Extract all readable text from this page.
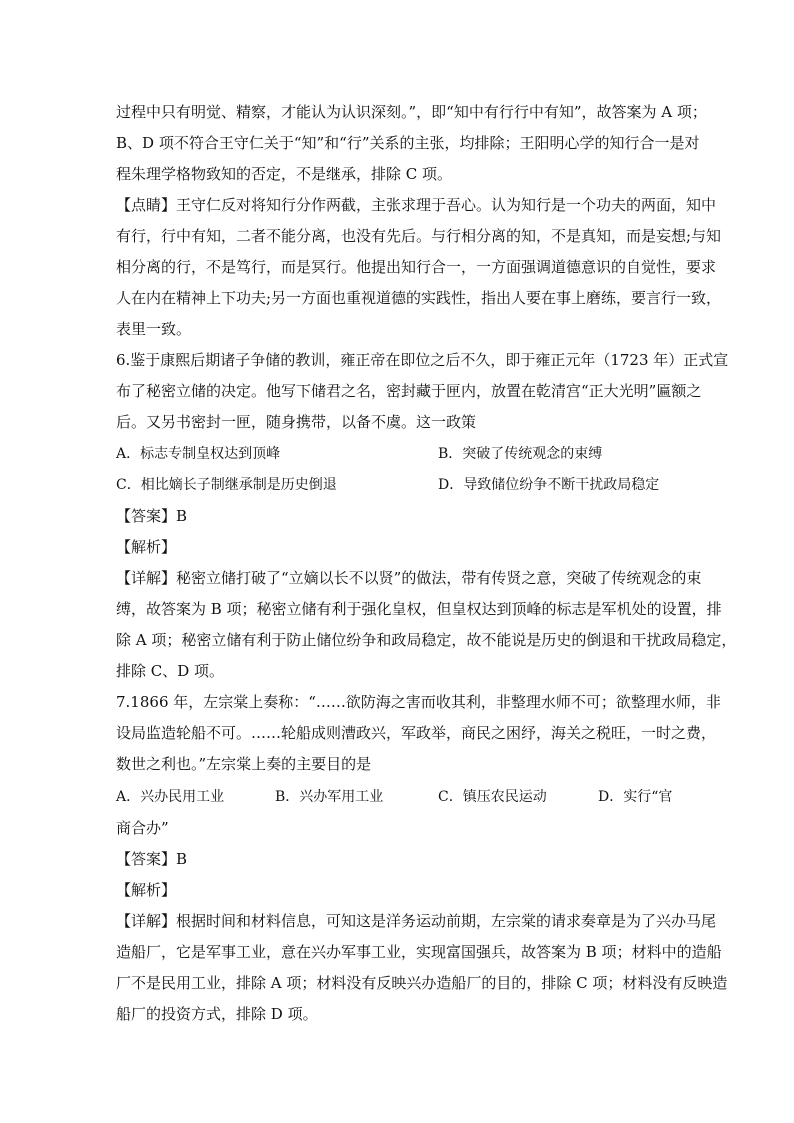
过程中只有明觉、精察，才能认为认识深刻。”，即“知中有行行中有知”，故答案为 A 项；
B、D 项不符合王守仁关于“知”和“行”关系的主张，均排除；王阳明心学的知行合一是对
程朱理学格物致知的否定，不是继承，排除 C 项。
【点睛】王守仁反对将知行分作两截，主张求理于吾心。认为知行是一个功夫的两面，知中
有行，行中有知，二者不能分离，也没有先后。与行相分离的知，不是真知，而是妄想;与知
相分离的行，不是笃行，而是冥行。他提出知行合一，一方面强调道德意识的自觉性，要求
人在内在精神上下功夫;另一方面也重视道德的实践性，指出人要在事上磨练，要言行一致，
表里一致。
6.鉴于康熙后期诸子争储的教训，雍正帝在即位之后不久，即于雍正元年（1723 年）正式宣
布了秘密立储的决定。他写下储君之名，密封藏于匣内，放置在乾清宫“正大光明”匾额之
后。又另书密封一匣，随身携带，以备不虞。这一政策
A．标志专制皇权达到顶峰	B．突破了传统观念的束缚
C．相比嫡长子制继承制是历史倒退	D．导致储位纷争不断干扰政局稳定
【答案】B
【解析】
【详解】秘密立储打破了“立嫡以长不以贤”的做法，带有传贤之意，突破了传统观念的束
缚，故答案为 B 项；秘密立储有利于强化皇权，但皇权达到顶峰的标志是军机处的设置，排
除 A 项；秘密立储有利于防止储位纷争和政局稳定，故不能说是历史的倒退和干扰政局稳定，
排除 C、D 项。
7.1866 年，左宗棠上奏称：“……欲防海之害而收其利，非整理水师不可；欲整理水师，非
设局监造轮船不可。……轮船成则漕政兴，军政举，商民之困纾，海关之税旺，一时之费，
数世之利也。”左宗棠上奏的主要目的是
A．兴办民用工业	B．兴办军用工业	C．镇压农民运动	D．实行“官
商合办”
【答案】B
【解析】
【详解】根据时间和材料信息，可知这是洋务运动前期，左宗棠的请求奏章是为了兴办马尾
造船厂，它是军事工业，意在兴办军事工业，实现富国强兵，故答案为 B 项；材料中的造船
厂不是民用工业，排除 A 项；材料没有反映兴办造船厂的目的，排除 C 项；材料没有反映造
船厂的投资方式，排除 D 项。
